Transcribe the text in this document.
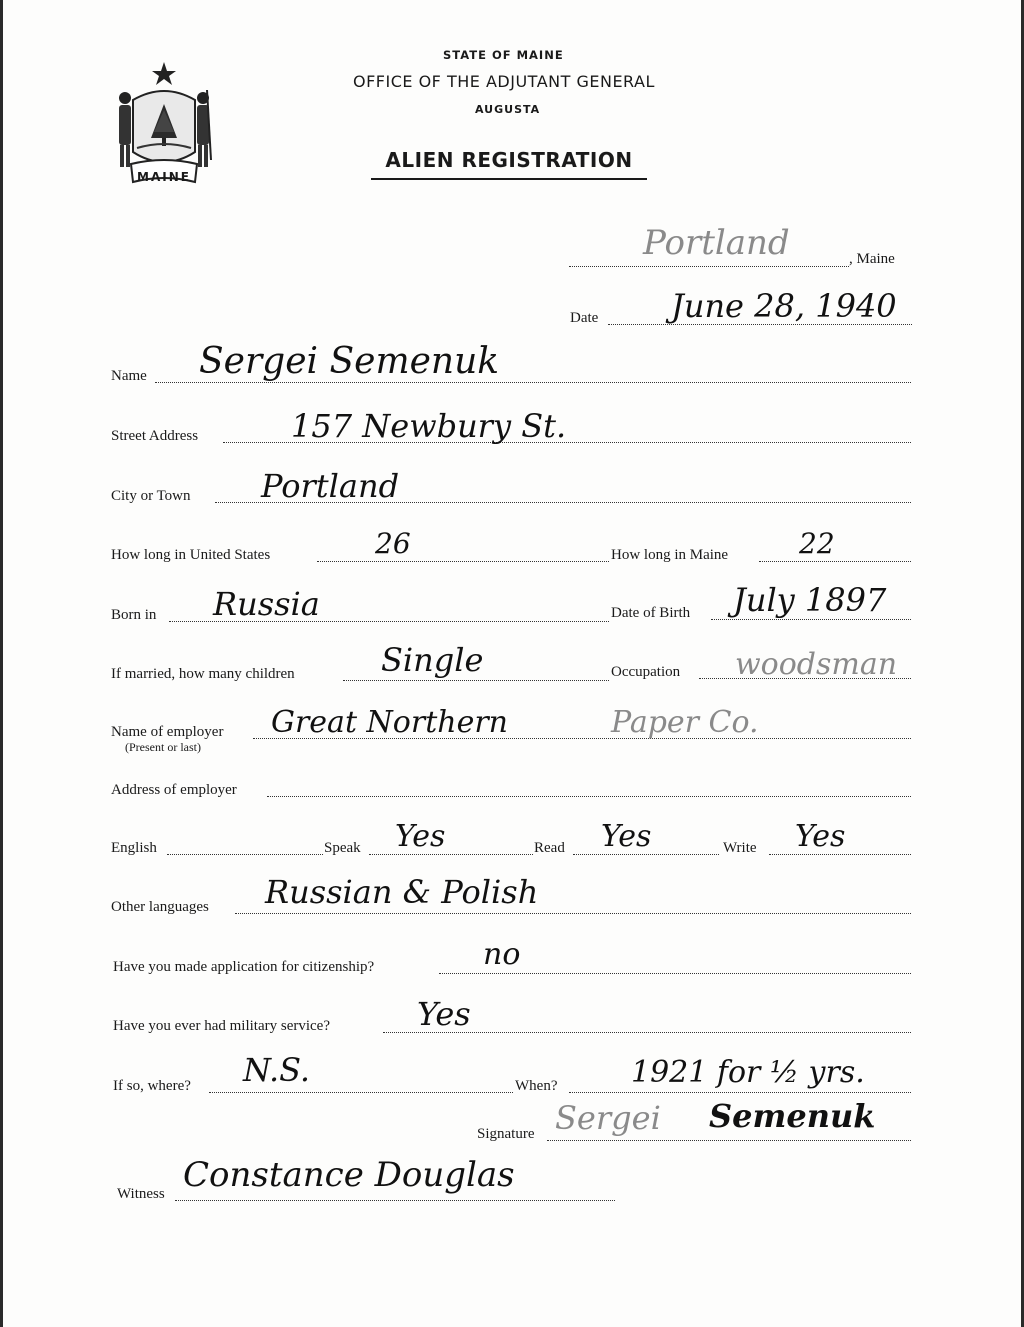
MAINE
STATE OF MAINE
OFFICE OF THE ADJUTANT GENERAL
AUGUSTA
ALIEN REGISTRATION
Portland	, Maine
Date June 28, 1940
Name Sergei Semenuk
Street Address	157 Newbury St.
City or Town Portland
How long in United States	26	How long in Maine	22
Born in Russia	Date of Birth July 1897
If married, how many children	Single	Occupation woodsman
Name of employer
(Present or last)
Great Northern	Paper Co.
Address of employer
English	Speak Yes	Read Yes	Write Yes
Other languages Russian & Polish
Have you made application for citizenship?	no
Have you ever had military service?	Yes
If so, where? N.S.	When? 1921 for ½ yrs.
Signature Sergei Semenuk
Witness Constance Douglas
